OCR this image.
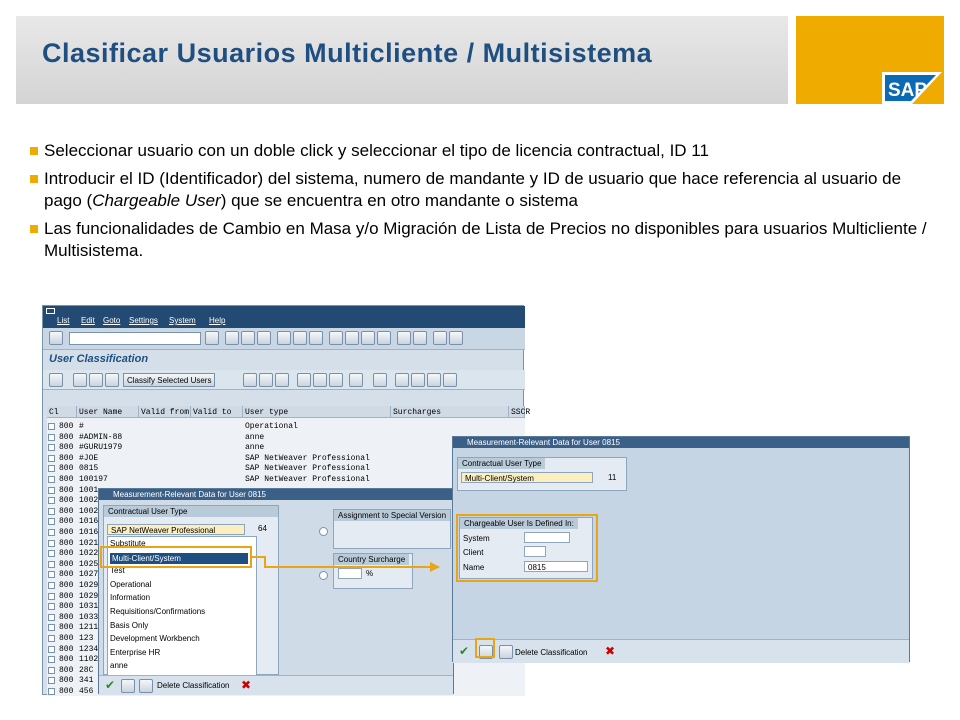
Clasificar Usuarios Multicliente / Multisistema
SAP
Seleccionar usuario con un doble click y seleccionar el tipo de licencia contractual, ID 11
Introducir el ID (Identificador) del sistema, numero de mandante y ID de usuario que hace referencia al usuario de pago (Chargeable User) que se encuentra en otro mandante o sistema
Las funcionalidades de Cambio en Masa y/o Migración de Lista de Precios no disponibles para usuarios Multicliente / Multisistema.
List Edit Goto Settings System Help
User Classification
Classify Selected Users
Cl	User Name	Valid from Valid to	User type	Surcharges	SSCR
800 #	Operational
800 #ADMIN-88	anne
800 #GURU1979	anne
800 #JOE	SAP NetWeaver Professional
800 0815	SAP NetWeaver Professional
800 100197	SAP NetWeaver Professional
800 1001
800 1002
800 1002
800 1016
800 1016
800 1021
800 1022
800 1025
800 1027
800 1029
800 1029
800 1031
800 1033
800 1211
800 123
800 1234
800 1102
800 28C
800 341
800 456
Measurement-Relevant Data for User 0815
Contractual User Type
SAP NetWeaver Professional	64
Substitute
Multi-Client/System
Test
Operational
Information
Requisitions/Confirmations
Basis Only
Development Workbench
Enterprise HR
anne
Assignment to Special Version
Country Surcharge
%
✔	Delete Classification ✖
Measurement-Relevant Data for User 0815
Contractual User Type
Multi-Client/System	11
Chargeable User Is Defined In:
System
Client
Name	0815
✔	Delete Classification ✖
